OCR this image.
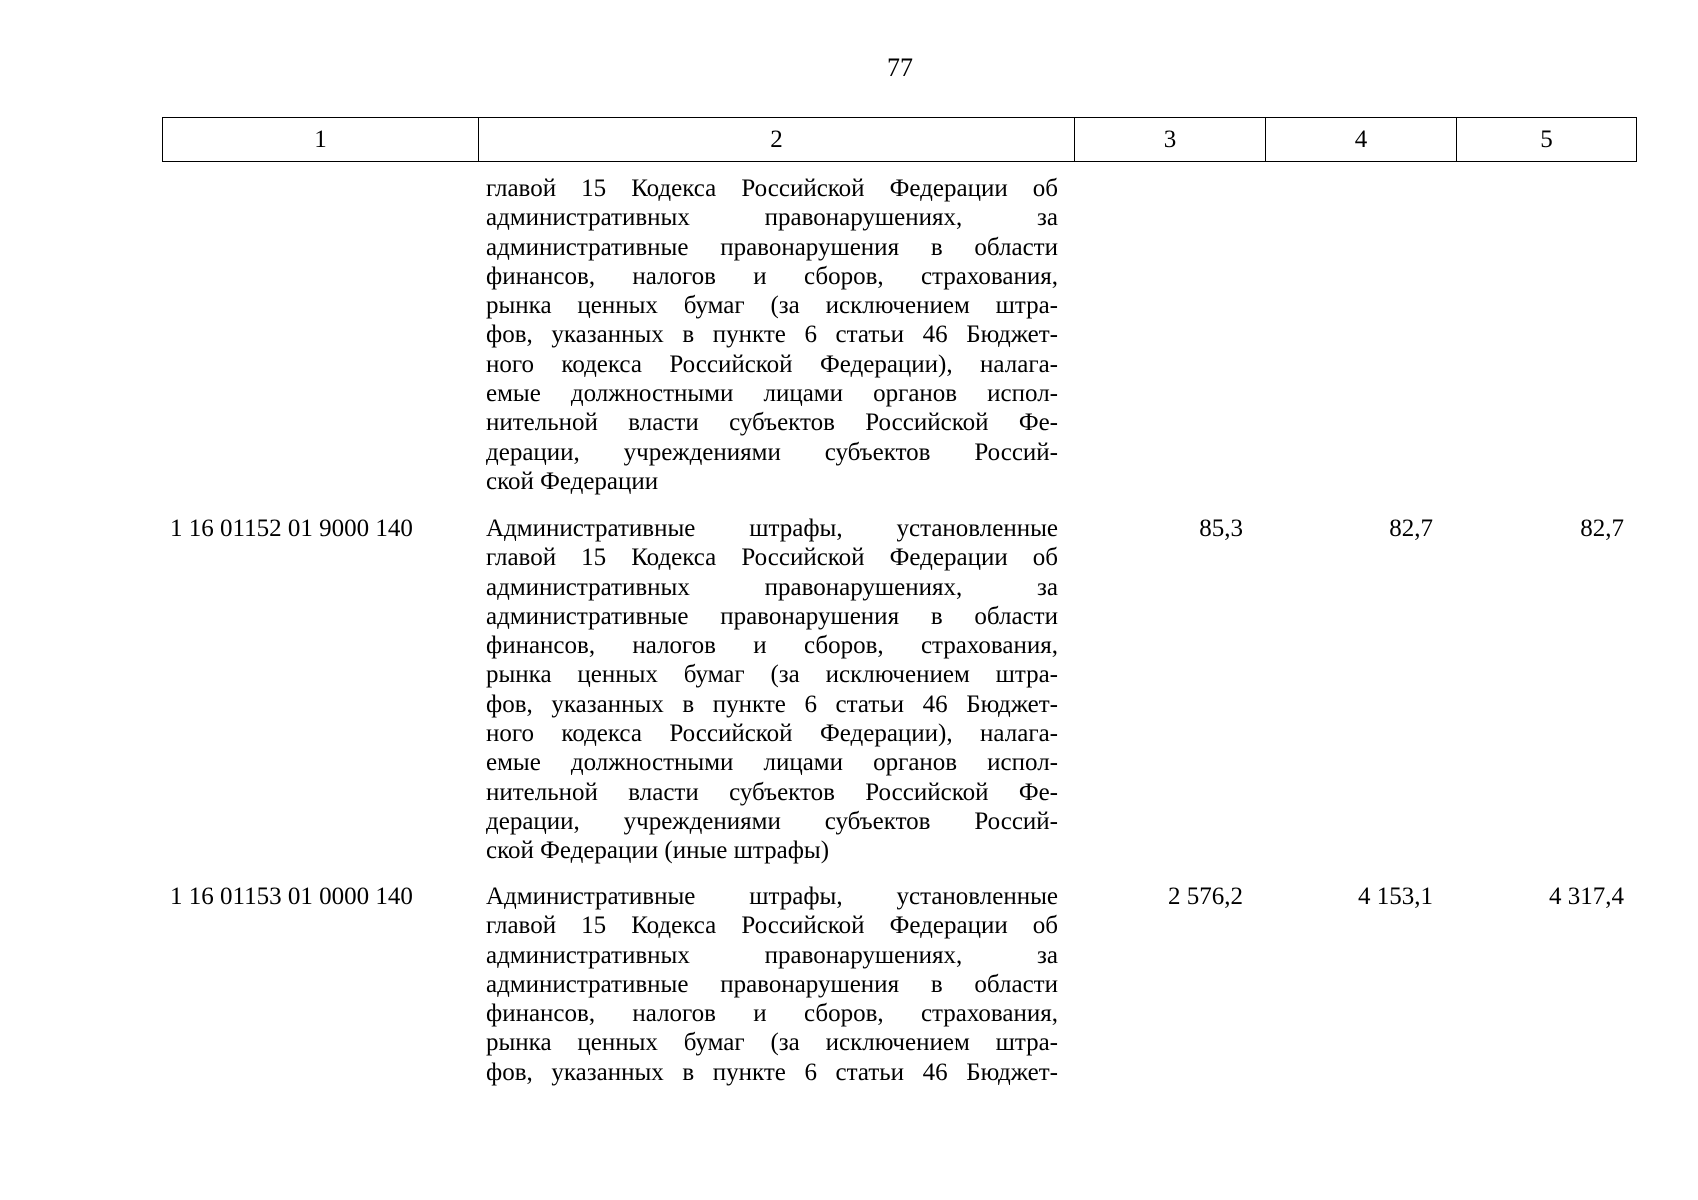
77
1	2	3	4	5
главой 15 Кодекса Российской Федерации об
административных правонарушениях, за
административные правонарушения в области
финансов, налогов и сборов, страхования,
рынка ценных бумаг (за исключением штра-
фов, указанных в пункте 6 статьи 46 Бюджет-
ного кодекса Российской Федерации), налага-
емые должностными лицами органов испол-
нительной власти субъектов Российской Фе-
дерации, учреждениями субъектов Россий-
ской Федерации
1 16 01152 01 9000 140	Административные штрафы, установленные
главой 15 Кодекса Российской Федерации об
административных правонарушениях, за
административные правонарушения в области
финансов, налогов и сборов, страхования,
рынка ценных бумаг (за исключением штра-
фов, указанных в пункте 6 статьи 46 Бюджет-
ного кодекса Российской Федерации), налага-
емые должностными лицами органов испол-
нительной власти субъектов Российской Фе-
дерации, учреждениями субъектов Россий-
ской Федерации (иные штрафы)
85,3	82,7	82,7
1 16 01153 01 0000 140	Административные штрафы, установленные
главой 15 Кодекса Российской Федерации об
административных правонарушениях, за
административные правонарушения в области
финансов, налогов и сборов, страхования,
рынка ценных бумаг (за исключением штра-
фов, указанных в пункте 6 статьи 46 Бюджет-
2 576,2	4 153,1	4 317,4
